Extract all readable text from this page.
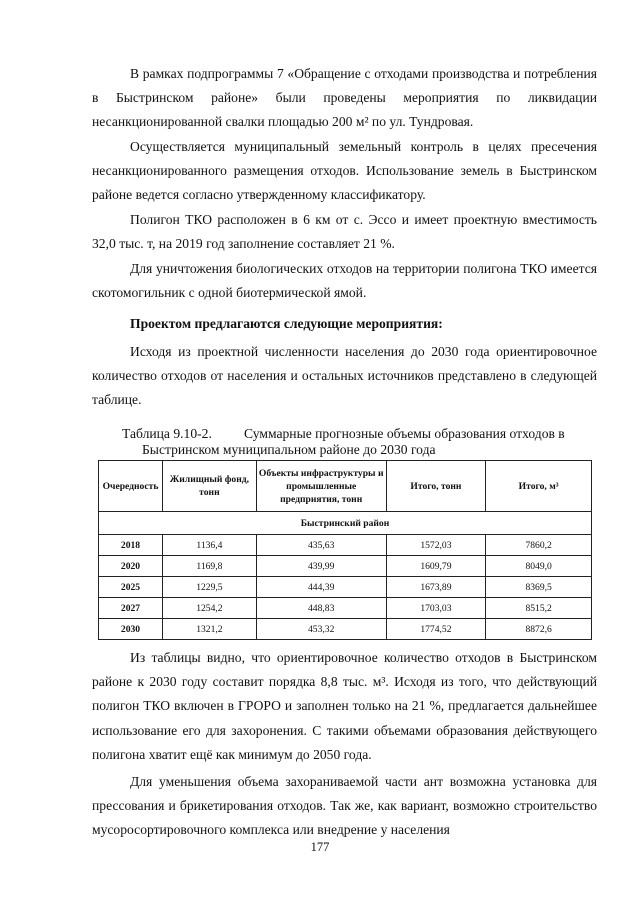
В рамках подпрограммы 7 «Обращение с отходами производства и потребления в Быстринском районе» были проведены мероприятия по ликвидации несанкционированной свалки площадью 200 м² по ул. Тундровая.

Осуществляется муниципальный земельный контроль в целях пресечения несанкционированного размещения отходов. Использование земель в Быстринском районе ведется согласно утвержденному классификатору.

Полигон ТКО расположен в 6 км от с. Эссо и имеет проектную вместимость 32,0 тыс. т, на 2019 год заполнение составляет 21 %.

Для уничтожения биологических отходов на территории полигона ТКО имеется скотомогильник с одной биотермической ямой.

Проектом предлагаются следующие мероприятия:

Исходя из проектной численности населения до 2030 года ориентировочное количество отходов от населения и остальных источников представлено в следующей таблице.

Таблица 9.10-2. Суммарные прогнозные объемы образования отходов в
Быстринском муниципальном районе до 2030 года

Очередность	Жилищный фонд, тонн	Объекты инфраструктуры и промышленные предприятия, тонн	Итого, тонн	Итого, м³
Быстринский район				
2018	1136,4	435,63	1572,03	7860,2
2020	1169,8	439,99	1609,79	8049,0
2025	1229,5	444,39	1673,89	8369,5
2027	1254,2	448,83	1703,03	8515,2
2030	1321,2	453,32	1774,52	8872,6

Из таблицы видно, что ориентировочное количество отходов в Быстринском районе к 2030 году составит порядка 8,8 тыс. м³. Исходя из того, что действующий полигон ТКО включен в ГРОРО и заполнен только на 21 %, предлагается дальнейшее использование его для захоронения. С такими объемами образования действующего полигона хватит ещё как минимум до 2050 года.

Для уменьшения объема захораниваемой части ант возможна установка для прессования и брикетирования отходов. Так же, как вариант, возможно строительство мусоросортировочного комплекса или внедрение у населения

177
